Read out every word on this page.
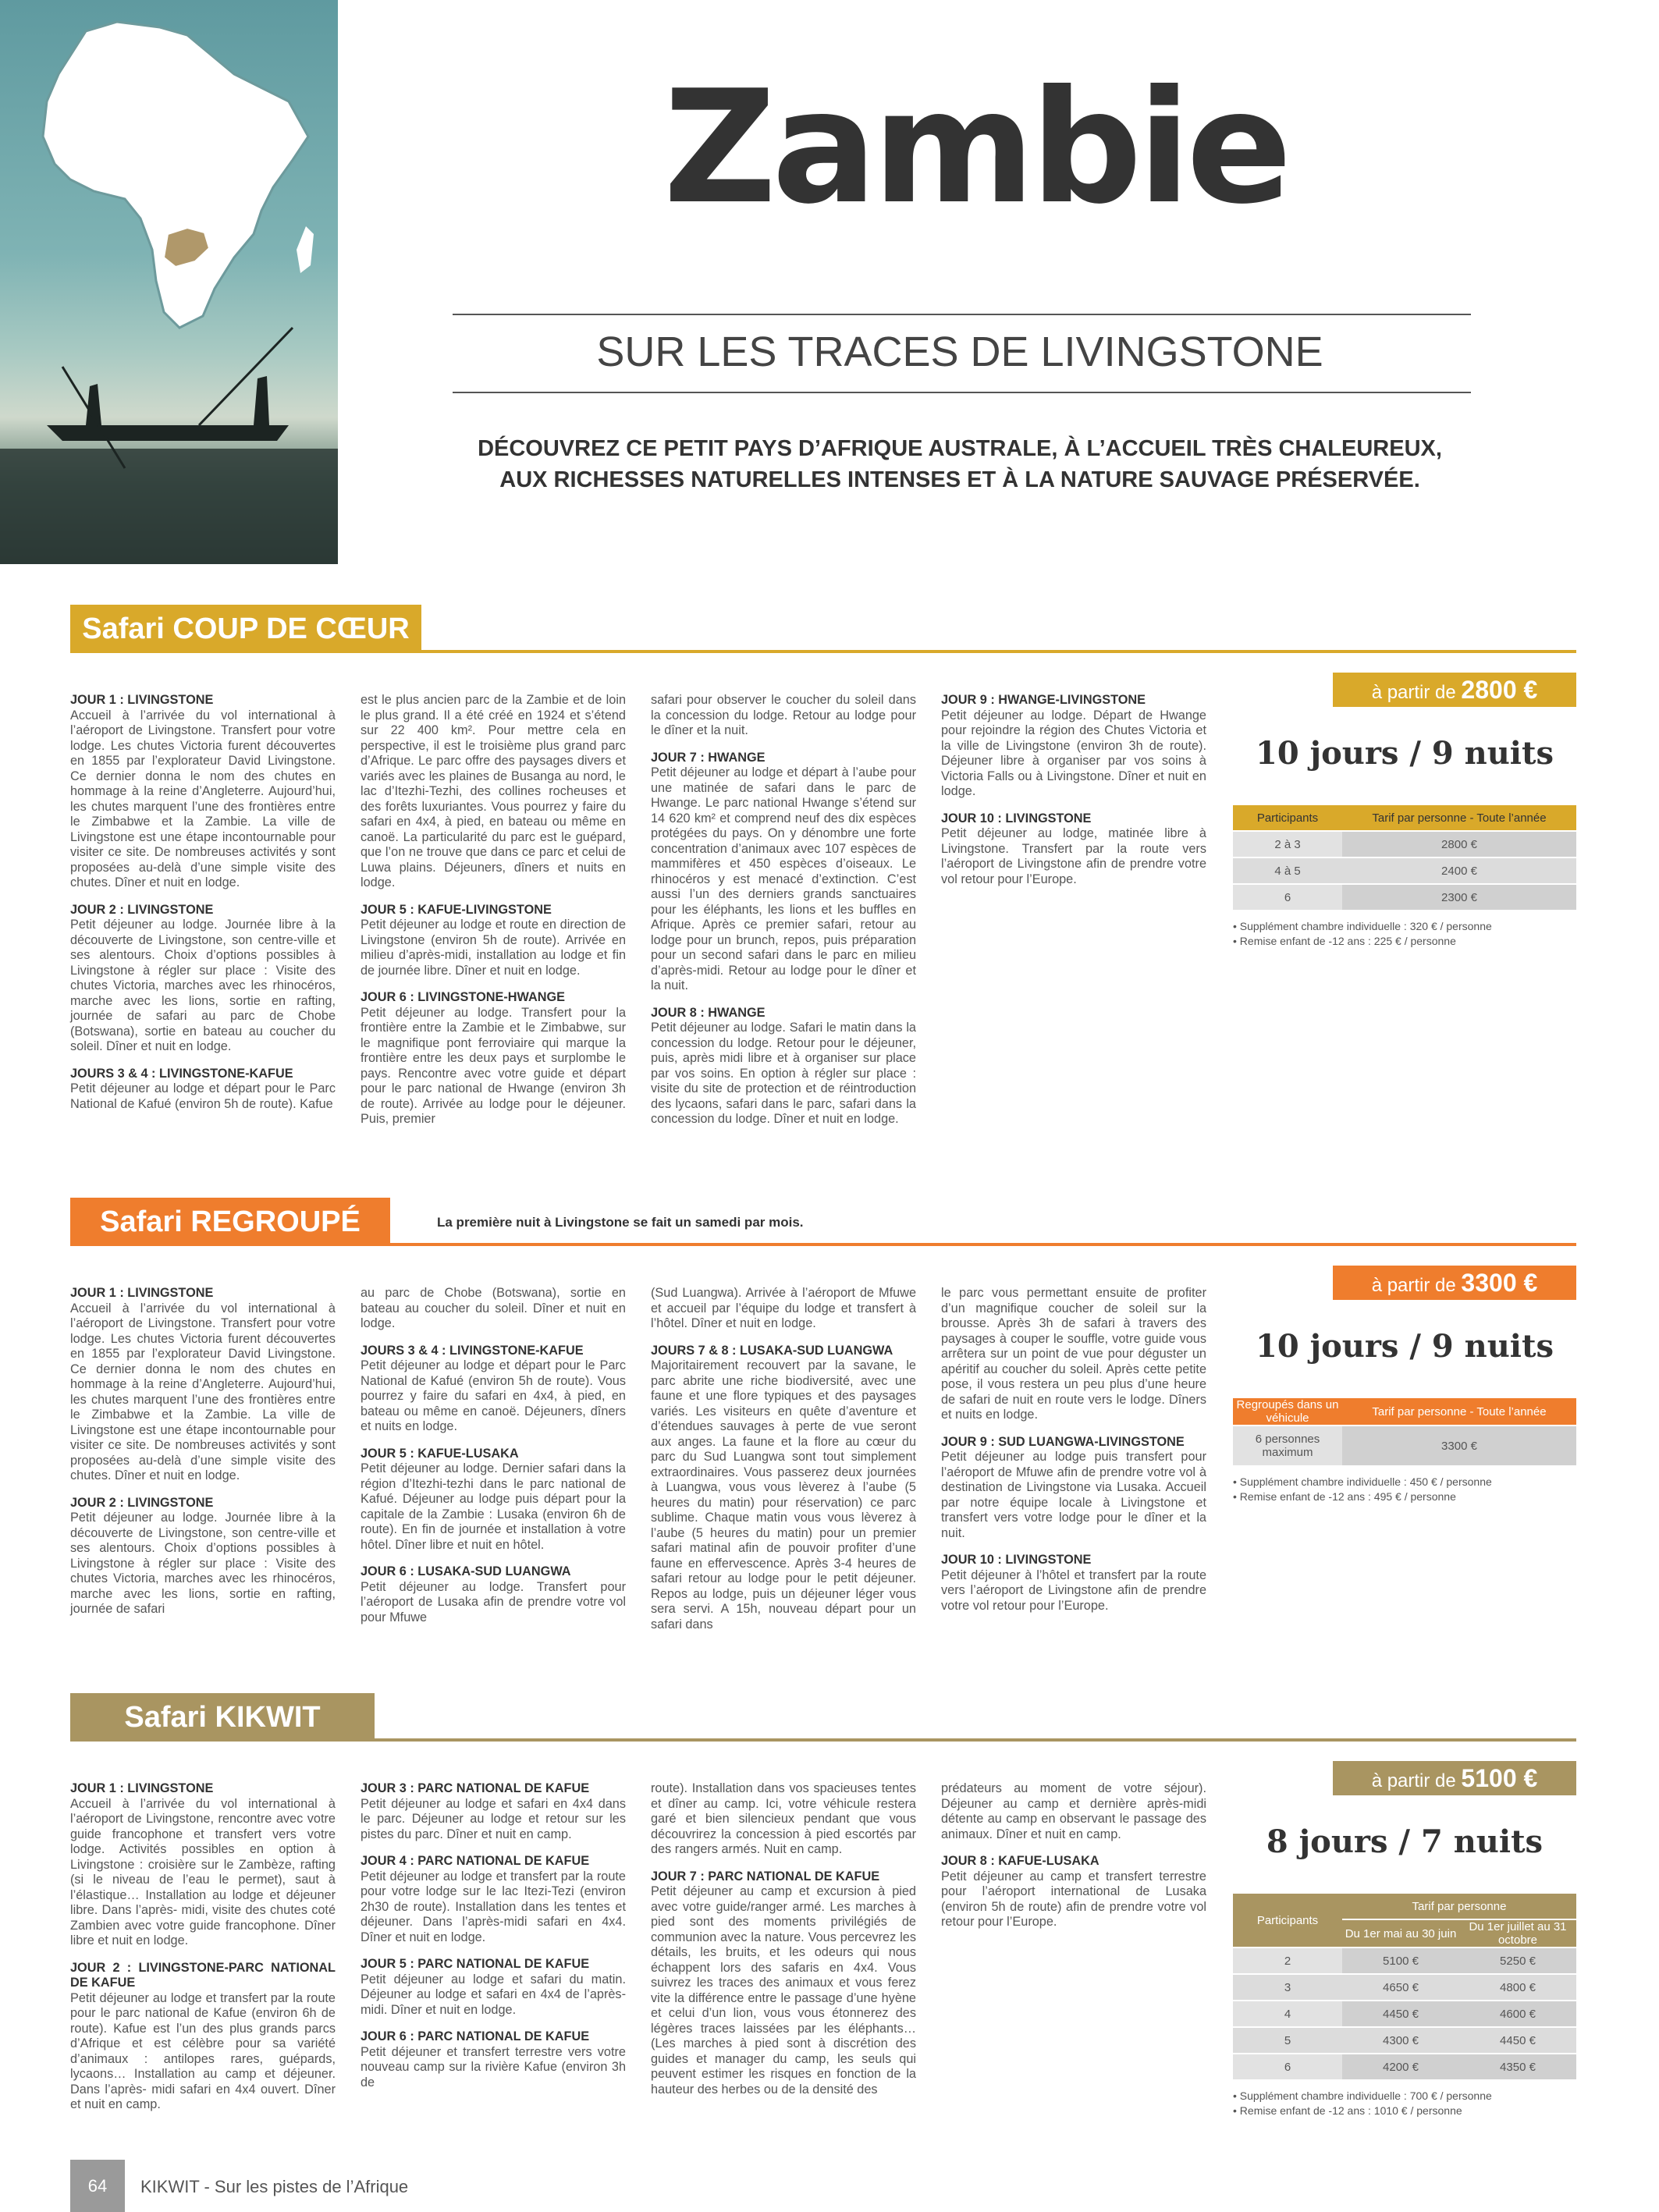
Zambie
SUR LES TRACES DE LIVINGSTONE
DÉCOUVREZ CE PETIT PAYS D’AFRIQUE AUSTRALE, À L’ACCUEIL TRÈS CHALEUREUX,
AUX RICHESSES NATURELLES INTENSES ET À LA NATURE SAUVAGE PRÉSERVÉE.
Safari COUP DE CŒUR
JOUR 1 : LIVINGSTONE
Accueil à l’arrivée du vol international à l’aéroport de Livingstone. Transfert pour votre lodge. Les chutes Victoria furent découvertes en 1855 par l’explorateur David Livingstone. Ce dernier donna le nom des chutes en hommage à la reine d’Angleterre. Aujourd’hui, les chutes marquent l’une des frontières entre le Zimbabwe et la Zambie. La ville de Livingstone est une étape incontournable pour visiter ce site. De nombreuses activités y sont proposées au-delà d’une simple visite des chutes. Dîner et nuit en lodge.
JOUR 2 : LIVINGSTONE
Petit déjeuner au lodge. Journée libre à la découverte de Livingstone, son centre-ville et ses alentours. Choix d’options possibles à Livingstone à régler sur place : Visite des chutes Victoria, marches avec les rhinocéros, marche avec les lions, sortie en rafting, journée de safari au parc de Chobe (Botswana), sortie en bateau au coucher du soleil. Dîner et nuit en lodge.
JOURS 3 & 4 : LIVINGSTONE-KAFUE
Petit déjeuner au lodge et départ pour le Parc National de Kafué (environ 5h de route). Kafue
est le plus ancien parc de la Zambie et de loin le plus grand. Il a été créé en 1924 et s’étend sur 22 400 km². Pour mettre cela en perspective, il est le troisième plus grand parc d’Afrique. Le parc offre des paysages divers et variés avec les plaines de Busanga au nord, le lac d’Itezhi-Tezhi, des collines rocheuses et des forêts luxuriantes. Vous pourrez y faire du safari en 4x4, à pied, en bateau ou même en canoë. La particularité du parc est le guépard, que l’on ne trouve que dans ce parc et celui de Luwa plains. Déjeuners, dîners et nuits en lodge.
JOUR 5 : KAFUE-LIVINGSTONE
Petit déjeuner au lodge et route en direction de Livingstone (environ 5h de route). Arrivée en milieu d’après-midi, installation au lodge et fin de journée libre. Dîner et nuit en lodge.
JOUR 6 : LIVINGSTONE-HWANGE
Petit déjeuner au lodge. Transfert pour la frontière entre la Zambie et le Zimbabwe, sur le magnifique pont ferroviaire qui marque la frontière entre les deux pays et surplombe le pays. Rencontre avec votre guide et départ pour le parc national de Hwange (environ 3h de route). Arrivée au lodge pour le déjeuner. Puis, premier
safari pour observer le coucher du soleil dans la concession du lodge. Retour au lodge pour le dîner et la nuit.
JOUR 7 : HWANGE
Petit déjeuner au lodge et départ à l’aube pour une matinée de safari dans le parc de Hwange. Le parc national Hwange s’étend sur 14 620 km² et comprend neuf des dix espèces protégées du pays. On y dénombre une forte concentration d’animaux avec 107 espèces de mammifères et 450 espèces d’oiseaux. Le rhinocéros y est menacé d’extinction. C’est aussi l’un des derniers grands sanctuaires pour les éléphants, les lions et les buffles en Afrique. Après ce premier safari, retour au lodge pour un brunch, repos, puis préparation pour un second safari dans le parc en milieu d’après-midi. Retour au lodge pour le dîner et la nuit.
JOUR 8 : HWANGE
Petit déjeuner au lodge. Safari le matin dans la concession du lodge. Retour pour le déjeuner, puis, après midi libre et à organiser sur place par vos soins. En option à régler sur place : visite du site de protection et de réintroduction des lycaons, safari dans le parc, safari dans la concession du lodge. Dîner et nuit en lodge.
JOUR 9 : HWANGE-LIVINGSTONE
Petit déjeuner au lodge. Départ de Hwange pour rejoindre la région des Chutes Victoria et la ville de Livingstone (environ 3h de route). Déjeuner libre à organiser par vos soins à Victoria Falls ou à Livingstone. Dîner et nuit en lodge.
JOUR 10 : LIVINGSTONE
Petit déjeuner au lodge, matinée libre à Livingstone. Transfert par la route vers l’aéroport de Livingstone afin de prendre votre vol retour pour l’Europe.
à partir de 2800 €
10 jours / 9 nuits
Participants	Tarif par personne - Toute l’année
2 à 3	2800 €
4 à 5	2400 €
6	2300 €
• Supplément chambre individuelle : 320 € / personne
• Remise enfant de -12 ans : 225 € / personne
Safari REGROUPÉ	La première nuit à Livingstone se fait un samedi par mois.
JOUR 1 : LIVINGSTONE
Accueil à l’arrivée du vol international à l’aéroport de Livingstone. Transfert pour votre lodge. Les chutes Victoria furent découvertes en 1855 par l’explorateur David Livingstone. Ce dernier donna le nom des chutes en hommage à la reine d’Angleterre. Aujourd’hui, les chutes marquent l’une des frontières entre le Zimbabwe et la Zambie. La ville de Livingstone est une étape incontournable pour visiter ce site. De nombreuses activités y sont proposées au-delà d’une simple visite des chutes. Dîner et nuit en lodge.
JOUR 2 : LIVINGSTONE
Petit déjeuner au lodge. Journée libre à la découverte de Livingstone, son centre-ville et ses alentours. Choix d’options possibles à Livingstone à régler sur place : Visite des chutes Victoria, marches avec les rhinocéros, marche avec les lions, sortie en rafting, journée de safari
au parc de Chobe (Botswana), sortie en bateau au coucher du soleil. Dîner et nuit en lodge.
JOURS 3 & 4 : LIVINGSTONE-KAFUE
Petit déjeuner au lodge et départ pour le Parc National de Kafué (environ 5h de route). Vous pourrez y faire du safari en 4x4, à pied, en bateau ou même en canoë. Déjeuners, dîners et nuits en lodge.
JOUR 5 : KAFUE-LUSAKA
Petit déjeuner au lodge. Dernier safari dans la région d’Itezhi-tezhi dans le parc national de Kafué. Déjeuner au lodge puis départ pour la capitale de la Zambie : Lusaka (environ 6h de route). En fin de journée et installation à votre hôtel. Dîner libre et nuit en hôtel.
JOUR 6 : LUSAKA-SUD LUANGWA
Petit déjeuner au lodge. Transfert pour l’aéroport de Lusaka afin de prendre votre vol pour Mfuwe
(Sud Luangwa). Arrivée à l’aéroport de Mfuwe et accueil par l’équipe du lodge et transfert à l’hôtel. Dîner et nuit en lodge.
JOURS 7 & 8 : LUSAKA-SUD LUANGWA
Majoritairement recouvert par la savane, le parc abrite une riche biodiversité, avec une faune et une flore typiques et des paysages variés. Les visiteurs en quête d’aventure et d’étendues sauvages à perte de vue seront aux anges. La faune et la flore au cœur du parc du Sud Luangwa sont tout simplement extraordinaires. Vous passerez deux journées à Luangwa, vous vous lèverez à l’aube (5 heures du matin) pour réservation) ce parc sublime. Chaque matin vous vous lèverez à l’aube (5 heures du matin) pour un premier safari matinal afin de pouvoir profiter d’une faune en effervescence. Après 3-4 heures de safari retour au lodge pour le petit déjeuner. Repos au lodge, puis un déjeuner léger vous sera servi. A 15h, nouveau départ pour un safari dans
le parc vous permettant ensuite de profiter d’un magnifique coucher de soleil sur la brousse. Après 3h de safari à travers des paysages à couper le souffle, votre guide vous arrêtera sur un point de vue pour déguster un apéritif au coucher du soleil. Après cette petite pose, il vous restera un peu plus d’une heure de safari de nuit en route vers le lodge. Dîners et nuits en lodge.
JOUR 9 : SUD LUANGWA-LIVINGSTONE
Petit déjeuner au lodge puis transfert pour l’aéroport de Mfuwe afin de prendre votre vol à destination de Livingstone via Lusaka. Accueil par notre équipe locale à Livingstone et transfert vers votre lodge pour le dîner et la nuit.
JOUR 10 : LIVINGSTONE
Petit déjeuner à l’hôtel et transfert par la route vers l’aéroport de Livingstone afin de prendre votre vol retour pour l’Europe.
à partir de 3300 €
10 jours / 9 nuits
Regroupés dans un véhicule	Tarif par personne - Toute l’année
6 personnes maximum	3300 €
• Supplément chambre individuelle : 450 € / personne
• Remise enfant de -12 ans : 495 € / personne
Safari KIKWIT
JOUR 1 : LIVINGSTONE
Accueil à l’arrivée du vol international à l’aéroport de Livingstone, rencontre avec votre guide francophone et transfert vers votre lodge. Activités possibles en option à Livingstone : croisière sur le Zambèze, rafting (si le niveau de l’eau le permet), saut à l’élastique… Installation au lodge et déjeuner libre. Dans l’après- midi, visite des chutes coté Zambien avec votre guide francophone. Dîner libre et nuit en lodge.
JOUR 2 : LIVINGSTONE-PARC NATIONAL DE KAFUE
Petit déjeuner au lodge et transfert par la route pour le parc national de Kafue (environ 6h de route). Kafue est l’un des plus grands parcs d’Afrique et est célèbre pour sa variété d’animaux : antilopes rares, guépards, lycaons… Installation au camp et déjeuner. Dans l’après- midi safari en 4x4 ouvert. Dîner et nuit en camp.
JOUR 3 : PARC NATIONAL DE KAFUE
Petit déjeuner au lodge et safari en 4x4 dans le parc. Déjeuner au lodge et retour sur les pistes du parc. Dîner et nuit en camp.
JOUR 4 : PARC NATIONAL DE KAFUE
Petit déjeuner au lodge et transfert par la route pour votre lodge sur le lac Itezi-Tezi (environ 2h30 de route). Installation dans les tentes et déjeuner. Dans l’après-midi safari en 4x4. Dîner et nuit en lodge.
JOUR 5 : PARC NATIONAL DE KAFUE
Petit déjeuner au lodge et safari du matin. Déjeuner au lodge et safari en 4x4 de l’après- midi. Dîner et nuit en lodge.
JOUR 6 : PARC NATIONAL DE KAFUE
Petit déjeuner et transfert terrestre vers votre nouveau camp sur la rivière Kafue (environ 3h de
route). Installation dans vos spacieuses tentes et dîner au camp. Ici, votre véhicule restera garé et bien silencieux pendant que vous découvrirez la concession à pied escortés par des rangers armés. Nuit en camp.
JOUR 7 : PARC NATIONAL DE KAFUE
Petit déjeuner au camp et excursion à pied avec votre guide/ranger armé. Les marches à pied sont des moments privilégiés de communion avec la nature. Vous percevrez les détails, les bruits, et les odeurs qui nous échappent lors des safaris en 4x4. Vous suivrez les traces des animaux et vous ferez vite la différence entre le passage d’une hyène et celui d’un lion, vous vous étonnerez des légères traces laissées par les éléphants… (Les marches à pied sont à discrétion des guides et manager du camp, les seuls qui peuvent estimer les risques en fonction de la hauteur des herbes ou de la densité des
prédateurs au moment de votre séjour). Déjeuner au camp et dernière après-midi détente au camp en observant le passage des animaux. Dîner et nuit en camp.
JOUR 8 : KAFUE-LUSAKA
Petit déjeuner au camp et transfert terrestre pour l’aéroport international de Lusaka (environ 5h de route) afin de prendre votre vol retour pour l’Europe.
à partir de 5100 €
8 jours / 7 nuits
Participants	Tarif par personne	
	Du 1er mai au 30 juin	Du 1er juillet au 31 octobre
2	5100 €	5250 €
3	4650 €	4800 €
4	4450 €	4600 €
5	4300 €	4450 €
6	4200 €	4350 €
• Supplément chambre individuelle : 700 € / personne
• Remise enfant de -12 ans : 1010 € / personne
64	KIKWIT - Sur les pistes de l’Afrique
